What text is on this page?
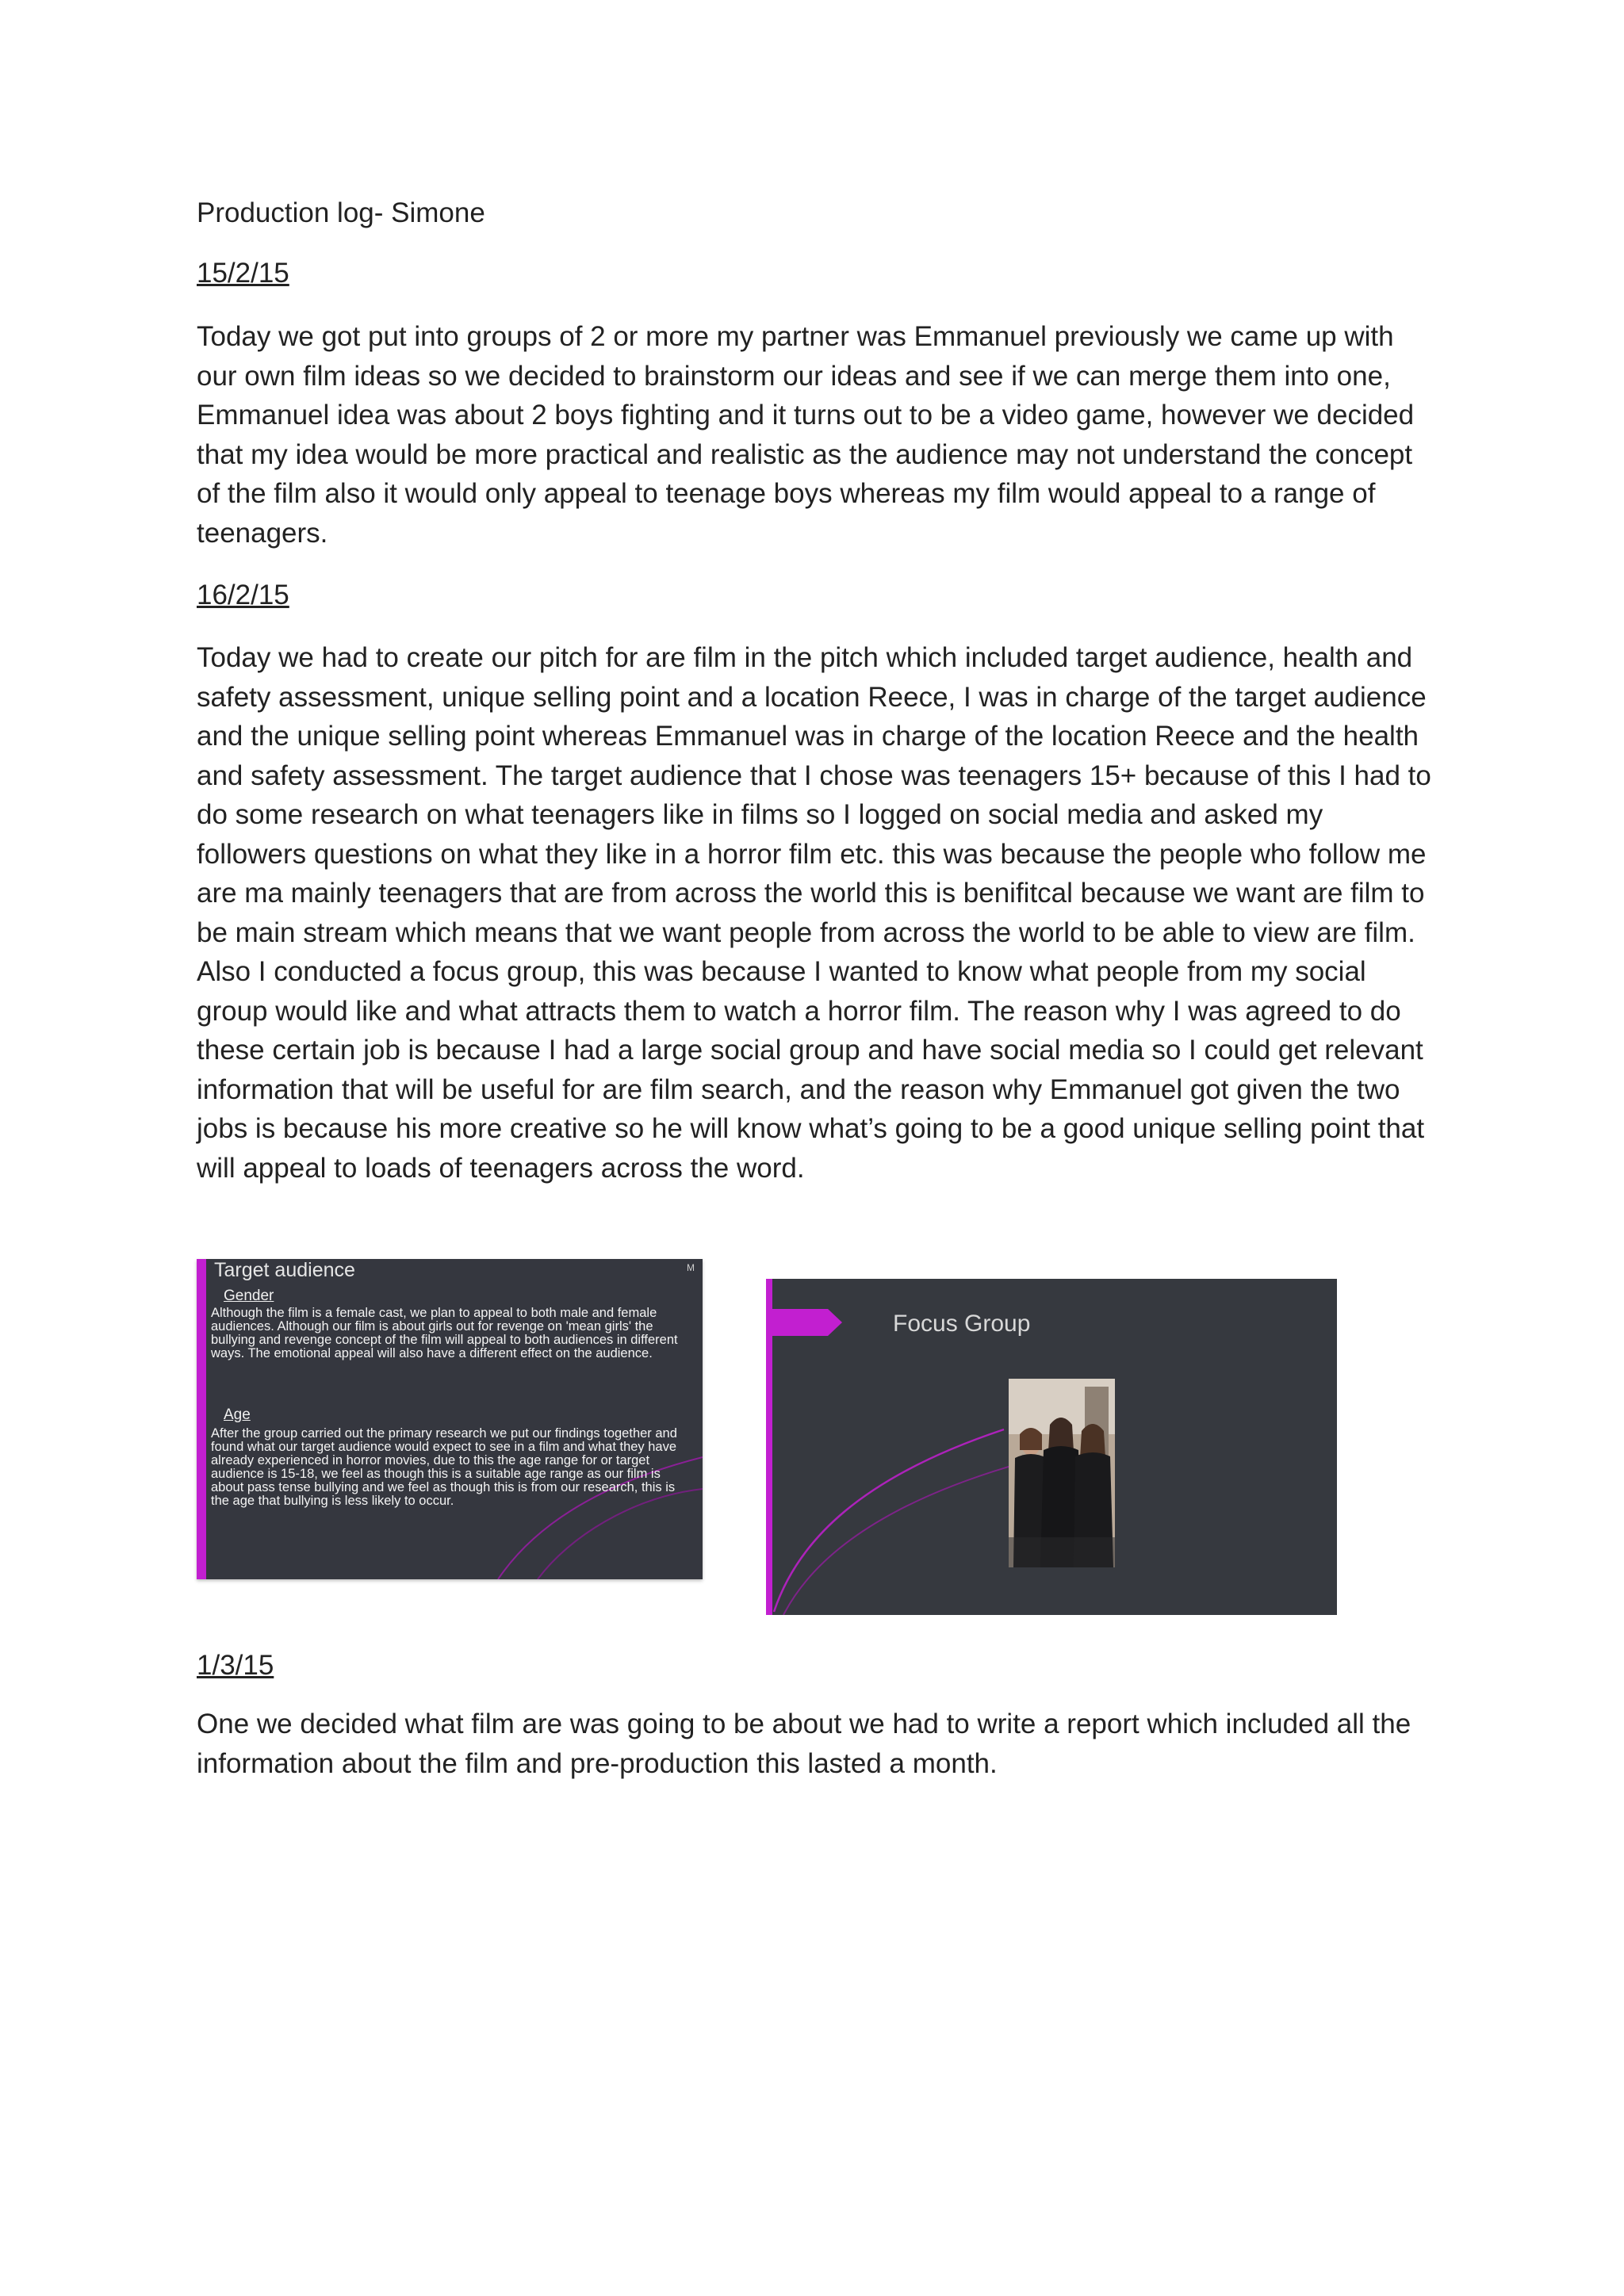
Production log- Simone
15/2/15
Today we got put into groups of 2 or more my partner was Emmanuel previously we came up with our own film ideas so we decided to brainstorm our ideas and see if we can merge them into one, Emmanuel idea was about 2 boys fighting and it turns out to be a video game, however we decided that my idea would be more practical and realistic as the audience may not understand the concept of the film also it would only appeal to teenage boys whereas my film would appeal to a range of teenagers.
16/2/15
Today we had to create our pitch for are film in the pitch which included target audience, health and safety assessment, unique selling point and a location Reece, I was in charge of the target audience and the unique selling point whereas Emmanuel was in charge of the location Reece and the health and safety assessment. The target audience that I chose was teenagers 15+ because of this I had to do some research on what teenagers like in films so I logged on social media and asked my followers questions on what they like in a horror film etc. this was because the people who follow me are ma mainly teenagers that are from across the world this is benifitcal because we want are film to be main stream which means that we want people from across the world to be able to view are film. Also I conducted a focus group, this was because I wanted to know what people from my social group would like and what attracts them to watch a horror film. The reason why I was agreed to do these certain job is because I had a large social group and have social media so I could get relevant information that will be useful for are film search, and the reason why Emmanuel got given the two jobs is because his more creative so he will know what’s going to be a good unique selling point that will appeal to loads of teenagers across the word.
Target audience	M
Gender
Although the film is a female cast, we plan to appeal to both male and female audiences. Although our film is about girls out for revenge on 'mean girls' the bullying and revenge concept of the film will appeal to both audiences in different ways. The emotional appeal will also have a different effect on the audience.
Age
After the group carried out the primary research we put our findings together and found what our target audience would expect to see in a film and what they have already experienced in horror movies, due to this the age range for or target audience is 15-18, we feel as though this is a suitable age range as our film is about pass tense bullying and we feel as though this is from our research, this is the age that bullying is less likely to occur.
Focus Group
1/3/15
One we decided what film are was going to be about we had to write a report which included all the information about the film and pre-production this lasted a month.
